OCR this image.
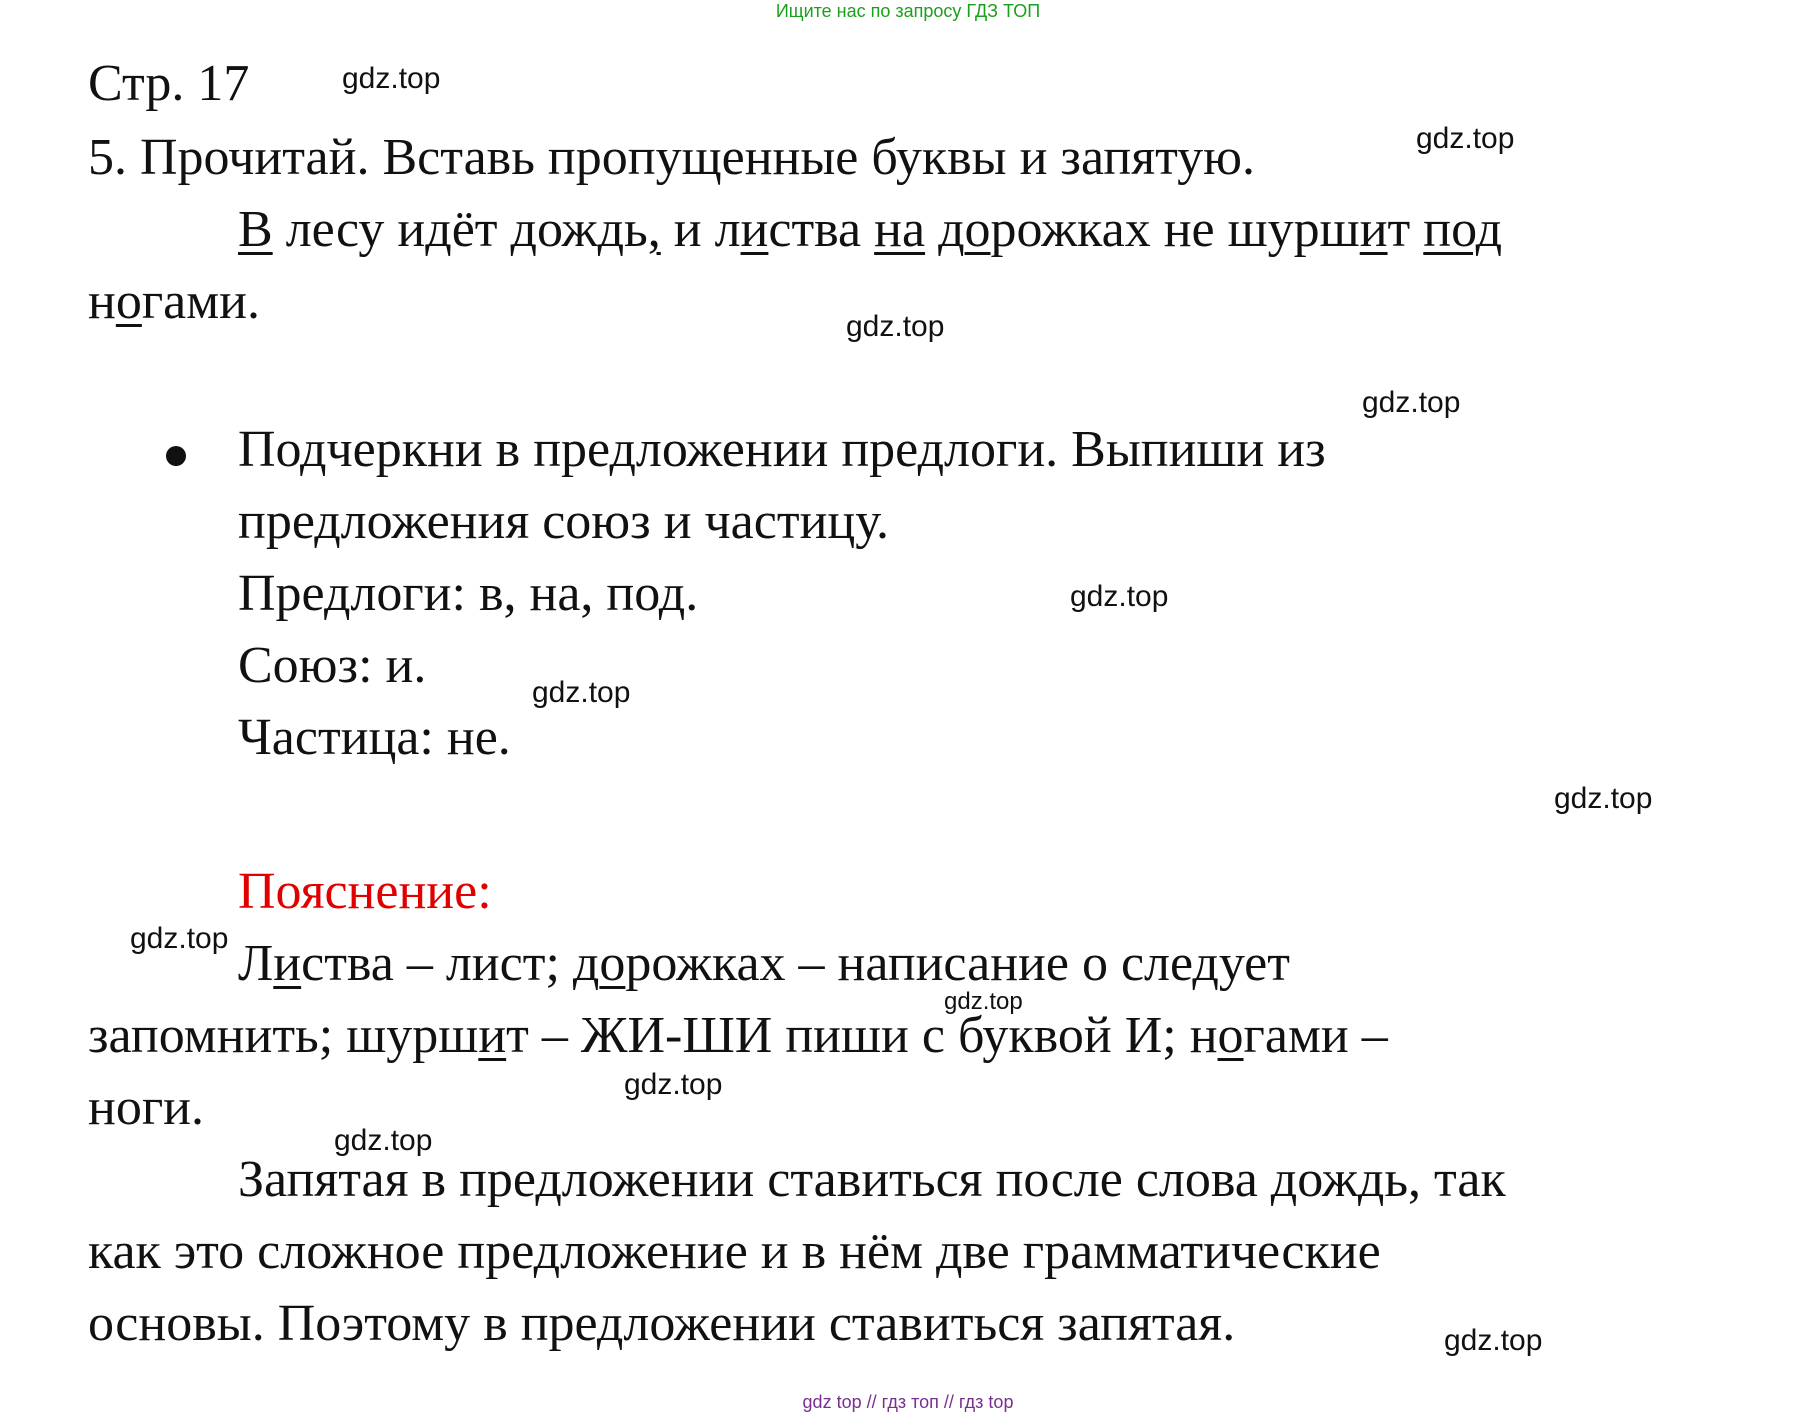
Ищите нас по запросу ГДЗ ТОП
Стр. 17
5. Прочитай. Вставь пропущенные буквы и запятую.
В лесу идёт дождь, и листва на дорожках не шуршит под
ногами.
Подчеркни в предложении предлоги. Выпиши из
предложения союз и частицу.
Предлоги: в, на, под.
Союз: и.
Частица: не.
Пояснение:
Листва – лист; дорожках – написание о следует
запомнить; шуршит – ЖИ-ШИ пиши с буквой И; ногами –
ноги.
Запятая в предложении ставиться после слова дождь, так
как это сложное предложение и в нём две грамматические
основы. Поэтому в предложении ставиться запятая.
gdz.top
gdz.top
gdz.top
gdz.top
gdz.top
gdz.top
gdz.top
gdz.top
gdz.top
gdz.top
gdz.top
gdz.top
gdz top // гдз топ // гдз top
